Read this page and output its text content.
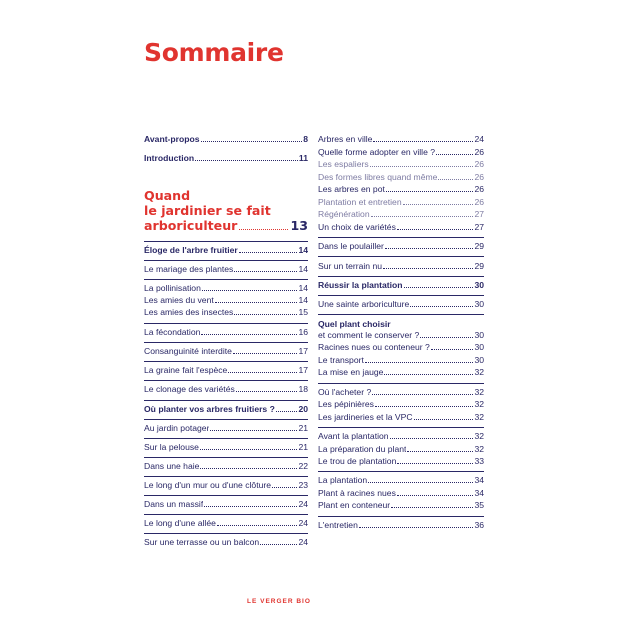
Sommaire
Avant-propos	8
Introduction	11
Éloge de l'arbre fruitier	14
Le mariage des plantes	14
La pollinisation	14
Les amies du vent	14
Les amies des insectes	15
La fécondation	16
Consanguinité interdite	17
La graine fait l'espèce	17
Le clonage des variétés	18
Où planter vos arbres fruitiers ?	20
Au jardin potager	21
Sur la pelouse	21
Dans une haie	22
Le long d'un mur ou d'une clôture	23
Dans un massif	24
Le long d'une allée	24
Sur une terrasse ou un balcon	24
Arbres en ville	24
Quelle forme adopter en ville ?	26
Les espaliers	26
Des formes libres quand même	26
Les arbres en pot	26
Plantation et entretien	26
Régénération	27
Un choix de variétés	27
Dans le poulailler	29
Sur un terrain nu	29
Réussir la plantation	30
Une sainte arboriculture	30
Quel plant choisir
et comment le conserver ?	30
Racines nues ou conteneur ?	30
Le transport	30
La mise en jauge	32
Où l'acheter ?	32
Les pépinières	32
Les jardineries et la VPC	32
Avant la plantation	32
La préparation du plant	32
Le trou de plantation	33
La plantation	34
Plant à racines nues	34
Plant en conteneur	35
L'entretien	36
Quand
le jardinier se fait
arboriculteur	13
LE VERGER BIO
